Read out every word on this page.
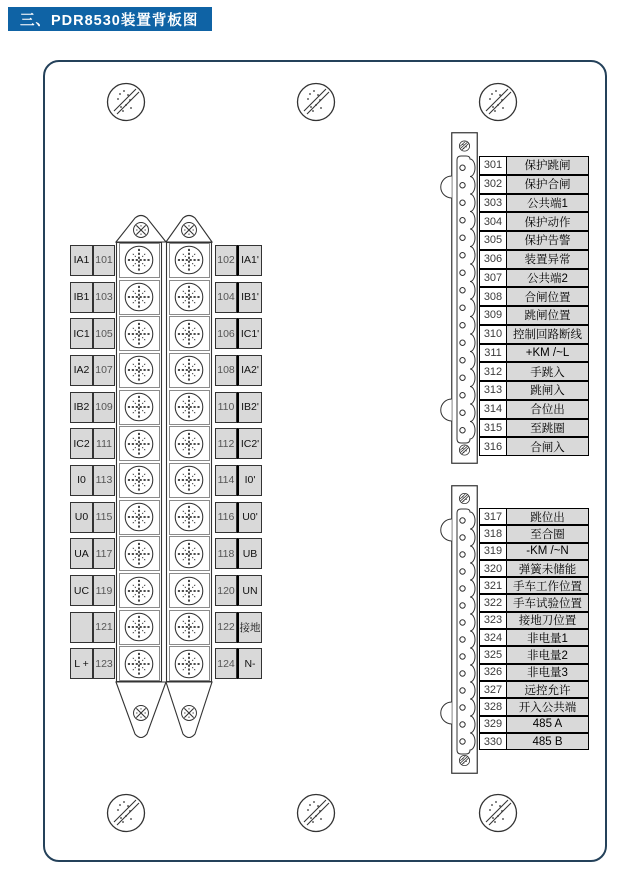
三、PDR8530装置背板图
IA1 101	102 IA1'
IB1 103	104 IB1'
IC1 105	106 IC1'
IA2 107	108 IA2'
IB2 109	110 IB2'
IC2 111	112 IC2'
I0 113	114 I0'
U0 115	116 U0'
UA 117	118 UB
UC 119	120 UN
121	122 接地
L + 123	124 N-
301	保护跳闸
302	保护合闸
303	公共端1
304	保护动作
305	保护告警
306	装置异常
307	公共端2
308	合闸位置
309	跳闸位置
310 控制回路断线
311	+KM /~L
312	手跳入
313	跳闸入
314	合位出
315	至跳圈
316	合闸入
317	跳位出
318	至合圈
319	-KM /~N
320	弹簧未储能
321 手车工作位置
322 手车试验位置
323	接地刀位置
324	非电量1
325	非电量2
326	非电量3
327	远控允许
328	开入公共端
329	485 A
330	485 B
